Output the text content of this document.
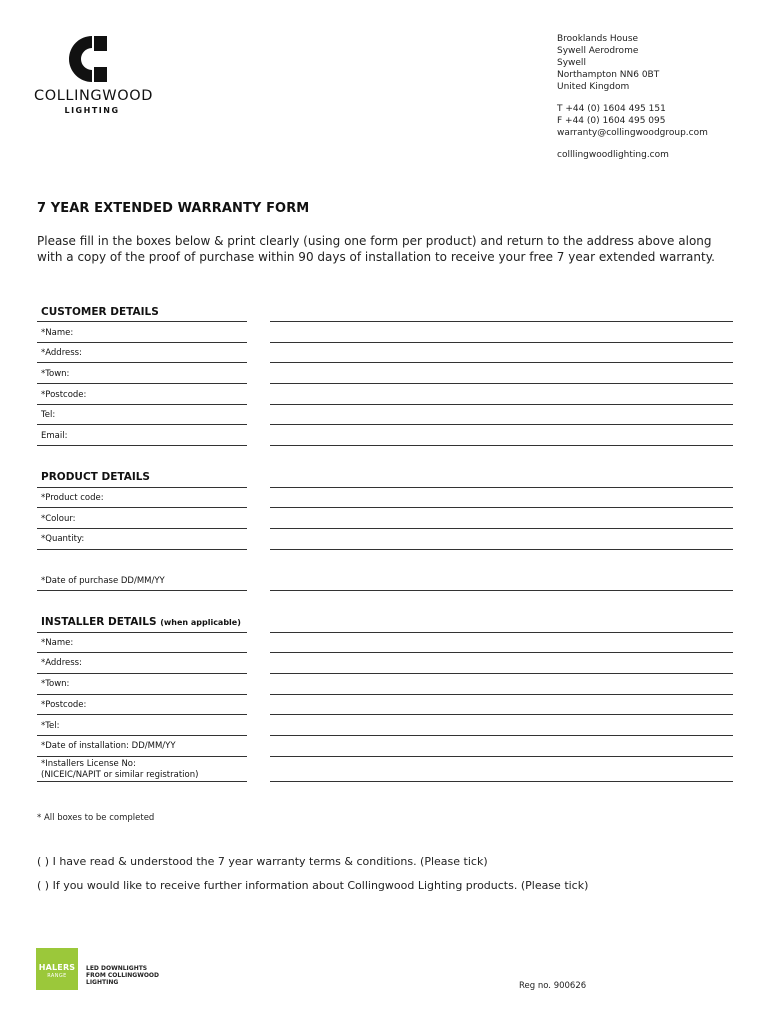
COLLINGWOOD
LIGHTING
Brooklands House
Sywell Aerodrome
Sywell
Northampton NN6 0BT
United Kingdom
T +44 (0) 1604 495 151
F +44 (0) 1604 495 095
warranty@collingwoodgroup.com
colllingwoodlighting.com
7 YEAR EXTENDED WARRANTY FORM
Please fill in the boxes below & print clearly (using one form per product) and return to the address above along with a copy of the proof of purchase within 90 days of installation to receive your free 7 year extended warranty.
CUSTOMER DETAILS
*Name:
*Address:
*Town:
*Postcode:
Tel:
Email:
PRODUCT DETAILS
*Product code:
*Colour:
*Quantity:
*Date of purchase DD/MM/YY
INSTALLER DETAILS (when applicable)
*Name:
*Address:
*Town:
*Postcode:
*Tel:
*Date of installation: DD/MM/YY
*Installers License No:
(NICEIC/NAPIT or similar registration)
* All boxes to be completed
( ) I have read & understood the 7 year warranty terms & conditions. (Please tick)
( ) If you would like to receive further information about Collingwood Lighting products. (Please tick)
HALERS
RANGE
LED DOWNLIGHTS
FROM COLLINGWOOD
LIGHTING	Reg no. 900626
